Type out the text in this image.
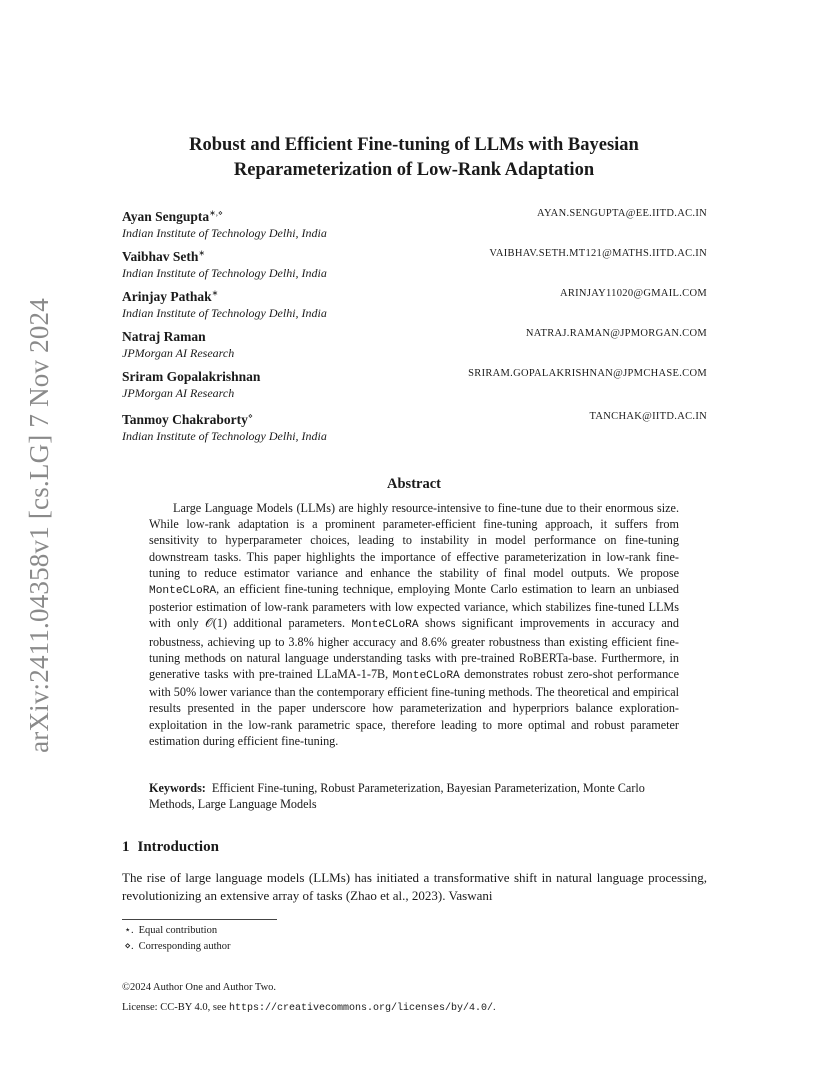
arXiv:2411.04358v1 [cs.LG] 7 Nov 2024
Robust and Efficient Fine-tuning of LLMs with Bayesian
Reparameterization of Low-Rank Adaptation
Ayan Sengupta∗,⋄	AYAN.SENGUPTA@EE.IITD.AC.IN
Indian Institute of Technology Delhi, India
Vaibhav Seth∗	VAIBHAV.SETH.MT121@MATHS.IITD.AC.IN
Indian Institute of Technology Delhi, India
Arinjay Pathak∗	ARINJAY11020@GMAIL.COM
Indian Institute of Technology Delhi, India
Natraj Raman	NATRAJ.RAMAN@JPMORGAN.COM
JPMorgan AI Research
Sriram Gopalakrishnan	SRIRAM.GOPALAKRISHNAN@JPMCHASE.COM
JPMorgan AI Research
Tanmoy Chakraborty⋄	TANCHAK@IITD.AC.IN
Indian Institute of Technology Delhi, India
Abstract

Large Language Models (LLMs) are highly resource-intensive to fine-tune due to their enormous size. While low-rank adaptation is a prominent parameter-efficient fine-tuning approach, it suffers from sensitivity to hyperparameter choices, leading to instability in model performance on fine-tuning downstream tasks. This paper highlights the importance of effective parameterization in low-rank fine-tuning to reduce estimator variance and enhance the stability of final model outputs. We propose MonteCLoRA, an efficient fine-tuning technique, employing Monte Carlo estimation to learn an unbiased posterior estimation of low-rank parameters with low expected variance, which stabilizes fine-tuned LLMs with only 𝒪(1) additional parameters. MonteCLoRA shows significant improvements in accuracy and robustness, achieving up to 3.8% higher accuracy and 8.6% greater robustness than existing efficient fine-tuning methods on natural language understanding tasks with pre-trained RoBERTa-base. Furthermore, in generative tasks with pre-trained LLaMA-1-7B, MonteCLoRA demonstrates robust zero-shot performance with 50% lower variance than the contemporary efficient fine-tuning methods. The theoretical and empirical results presented in the paper underscore how parameterization and hyperpriors balance exploration-exploitation in the low-rank parametric space, therefore leading to more optimal and robust parameter estimation during efficient fine-tuning.

Keywords: Efficient Fine-tuning, Robust Parameterization, Bayesian Parameterization, Monte Carlo Methods, Large Language Models

1 Introduction

The rise of large language models (LLMs) has initiated a transformative shift in natural language processing, revolutionizing an extensive array of tasks (Zhao et al., 2023). Vaswani

⋆. Equal contribution
⋄. Corresponding author
©2024 Author One and Author Two.
License: CC-BY 4.0, see https://creativecommons.org/licenses/by/4.0/.
